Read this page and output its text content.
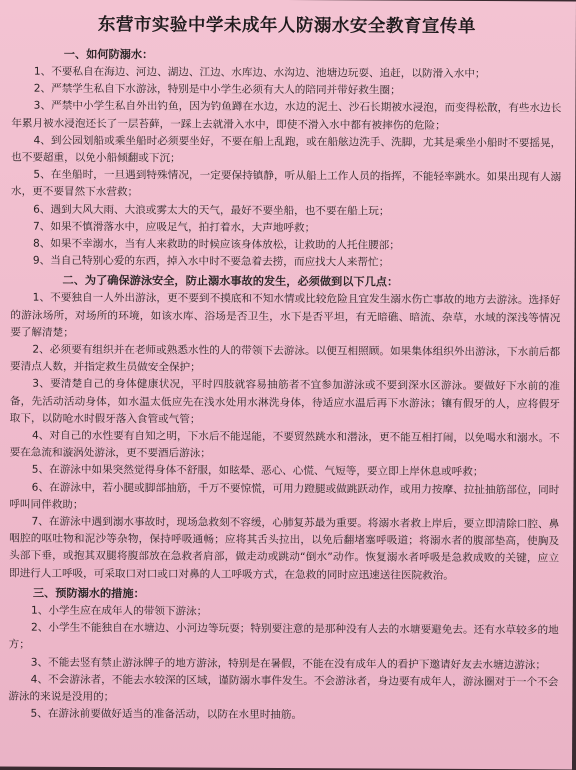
东营市实验中学未成年人防溺水安全教育宣传单

一、如何防溺水：

1、不要私自在海边、河边、湖边、江边、水库边、水沟边、池塘边玩耍、追赶，以防滑入水中；

2、严禁学生私自下水游泳，特别是中小学生必须有大人的陪同并带好救生圈；

3、严禁中小学生私自外出钓鱼，因为钓鱼蹲在水边，水边的泥土、沙石长期被水浸泡，而变得松散，有些水边长年累月被水浸泡还长了一层苔藓，一踩上去就滑入水中，即使不滑入水中都有被摔伤的危险；

4、到公园划船或乘坐船时必须要坐好，不要在船上乱跑，或在船舷边洗手、洗脚，尤其是乘坐小船时不要摇晃，也不要超重，以免小船倾翻或下沉；

5、在坐船时，一旦遇到特殊情况，一定要保持镇静，听从船上工作人员的指挥，不能轻率跳水。如果出现有人溺水，更不要冒然下水营救；

6、遇到大风大雨、大浪或雾太大的天气，最好不要坐船，也不要在船上玩；

7、如果不慎滑落水中，应吸足气，拍打着水，大声地呼救；

8、如果不幸溺水，当有人来救助的时候应该身体放松，让救助的人托住腰部；

9、当自己特别心爱的东西，掉入水中时不要急着去捞，而应找大人来帮忙；

二、为了确保游泳安全，防止溺水事故的发生，必须做到以下几点：

1、不要独自一人外出游泳，更不要到不摸底和不知水情或比较危险且宜发生溺水伤亡事故的地方去游泳。选择好的游泳场所，对场所的环境，如该水库、浴场是否卫生，水下是否平坦，有无暗礁、暗流、杂草，水域的深浅等情况要了解清楚；

2、必须要有组织并在老师或熟悉水性的人的带领下去游泳。以便互相照顾。如果集体组织外出游泳，下水前后都要清点人数，并指定救生员做安全保护；

3、要清楚自己的身体健康状况，平时四肢就容易抽筋者不宜参加游泳或不要到深水区游泳。要做好下水前的准备，先活动活动身体，如水温太低应先在浅水处用水淋洗身体，待适应水温后再下水游泳；镶有假牙的人，应将假牙取下，以防呛水时假牙落入食管或气管；

4、对自己的水性要有自知之明，下水后不能逞能，不要贸然跳水和潜泳，更不能互相打闹，以免喝水和溺水。不要在急流和漩涡处游泳，更不要酒后游泳；

5、在游泳中如果突然觉得身体不舒服，如眩晕、恶心、心慌、气短等，要立即上岸休息或呼救；

6、在游泳中，若小腿或脚部抽筋，千万不要惊慌，可用力蹬腿或做跳跃动作，或用力按摩、拉扯抽筋部位，同时呼叫同伴救助；

7、在游泳中遇到溺水事故时，现场急救刻不容缓，心肺复苏最为重要。将溺水者救上岸后，要立即清除口腔、鼻咽腔的呕吐物和泥沙等杂物，保持呼吸通畅；应将其舌头拉出，以免后翻堵塞呼吸道；将溺水者的腹部垫高，使胸及头部下垂，或抱其双腿将腹部放在急救者肩部，做走动或跳动“倒水”动作。恢复溺水者呼吸是急救成败的关键，应立即进行人工呼吸，可采取口对口或口对鼻的人工呼吸方式，在急救的同时应迅速送往医院救治。

三、预防溺水的措施：

1、小学生应在成年人的带领下游泳；

2、小学生不能独自在水塘边、小河边等玩耍；特别要注意的是那种没有人去的水塘要避免去。还有水草较多的地方；

3、不能去竖有禁止游泳牌子的地方游泳，特别是在暑假，不能在没有成年人的看护下邀请好友去水塘边游泳；

4、不会游泳者，不能去水较深的区域，谨防溺水事件发生。不会游泳者，身边要有成年人，游泳圈对于一个不会游泳的来说是没用的；

5、在游泳前要做好适当的准备活动，以防在水里时抽筋。
